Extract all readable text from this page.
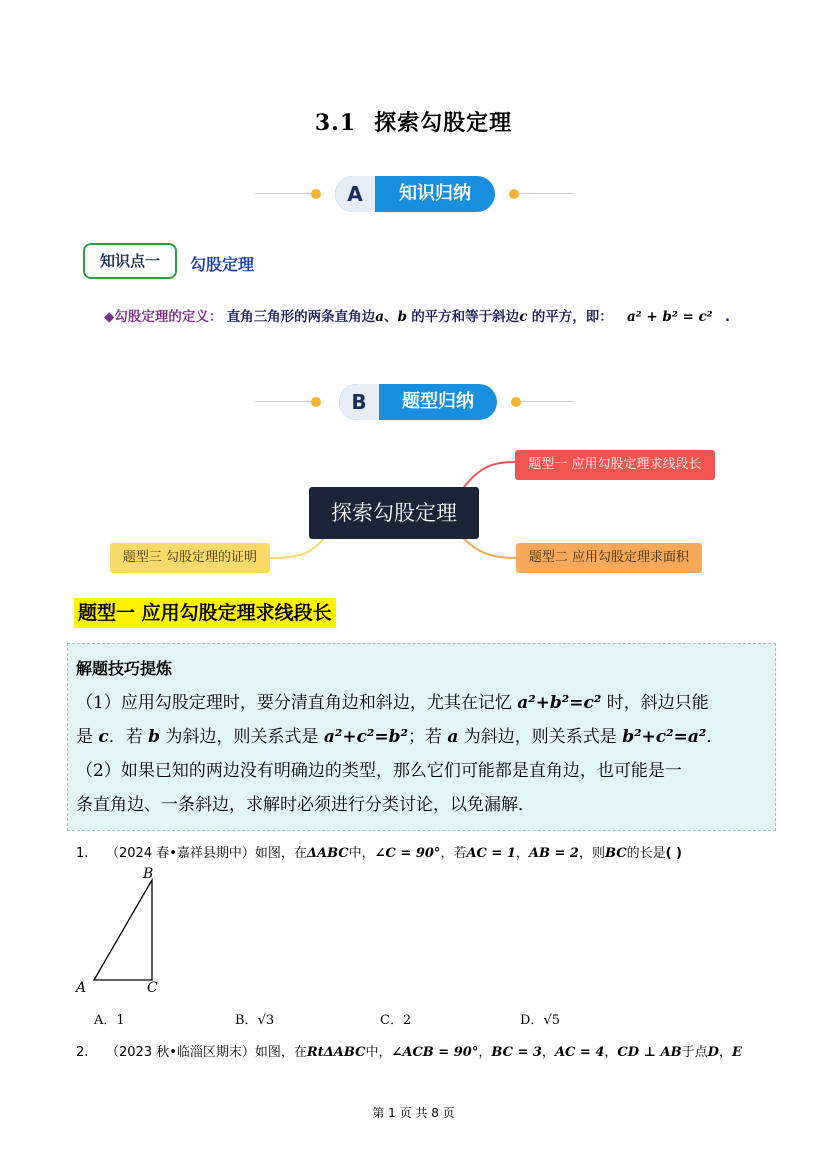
3.1 探索勾股定理
A	知识归纳
知识点一	勾股定理
◆勾股定理的定义： 直角三角形的两条直角边a、b 的平方和等于斜边c 的平方，即： a² + b² = c² .
B	题型归纳
探索勾股定理
题型一 应用勾股定理求线段长
题型二 应用勾股定理求面积
题型三 勾股定理的证明
题型一 应用勾股定理求线段长
解题技巧提炼
（1）应用勾股定理时，要分清直角边和斜边，尤其在记忆 a²+b²=c² 时，斜边只能
是 c．若 b 为斜边，则关系式是 a²+c²=b²；若 a 为斜边，则关系式是 b²+c²=a²．
（2）如果已知的两边没有明确边的类型，那么它们可能都是直角边，也可能是一
条直角边、一条斜边，求解时必须进行分类讨论，以免漏解．
1. （2024 春•嘉祥县期中）如图，在ΔABC中，∠C = 90°，若AC = 1，AB = 2，则BC的长是( )
B
A	C
A．1	B．√3	C．2	D．√5
2. （2023 秋•临淄区期末）如图，在RtΔABC中，∠ACB = 90°，BC = 3，AC = 4，CD ⊥ AB于点D，E
第 1 页 共 8 页
